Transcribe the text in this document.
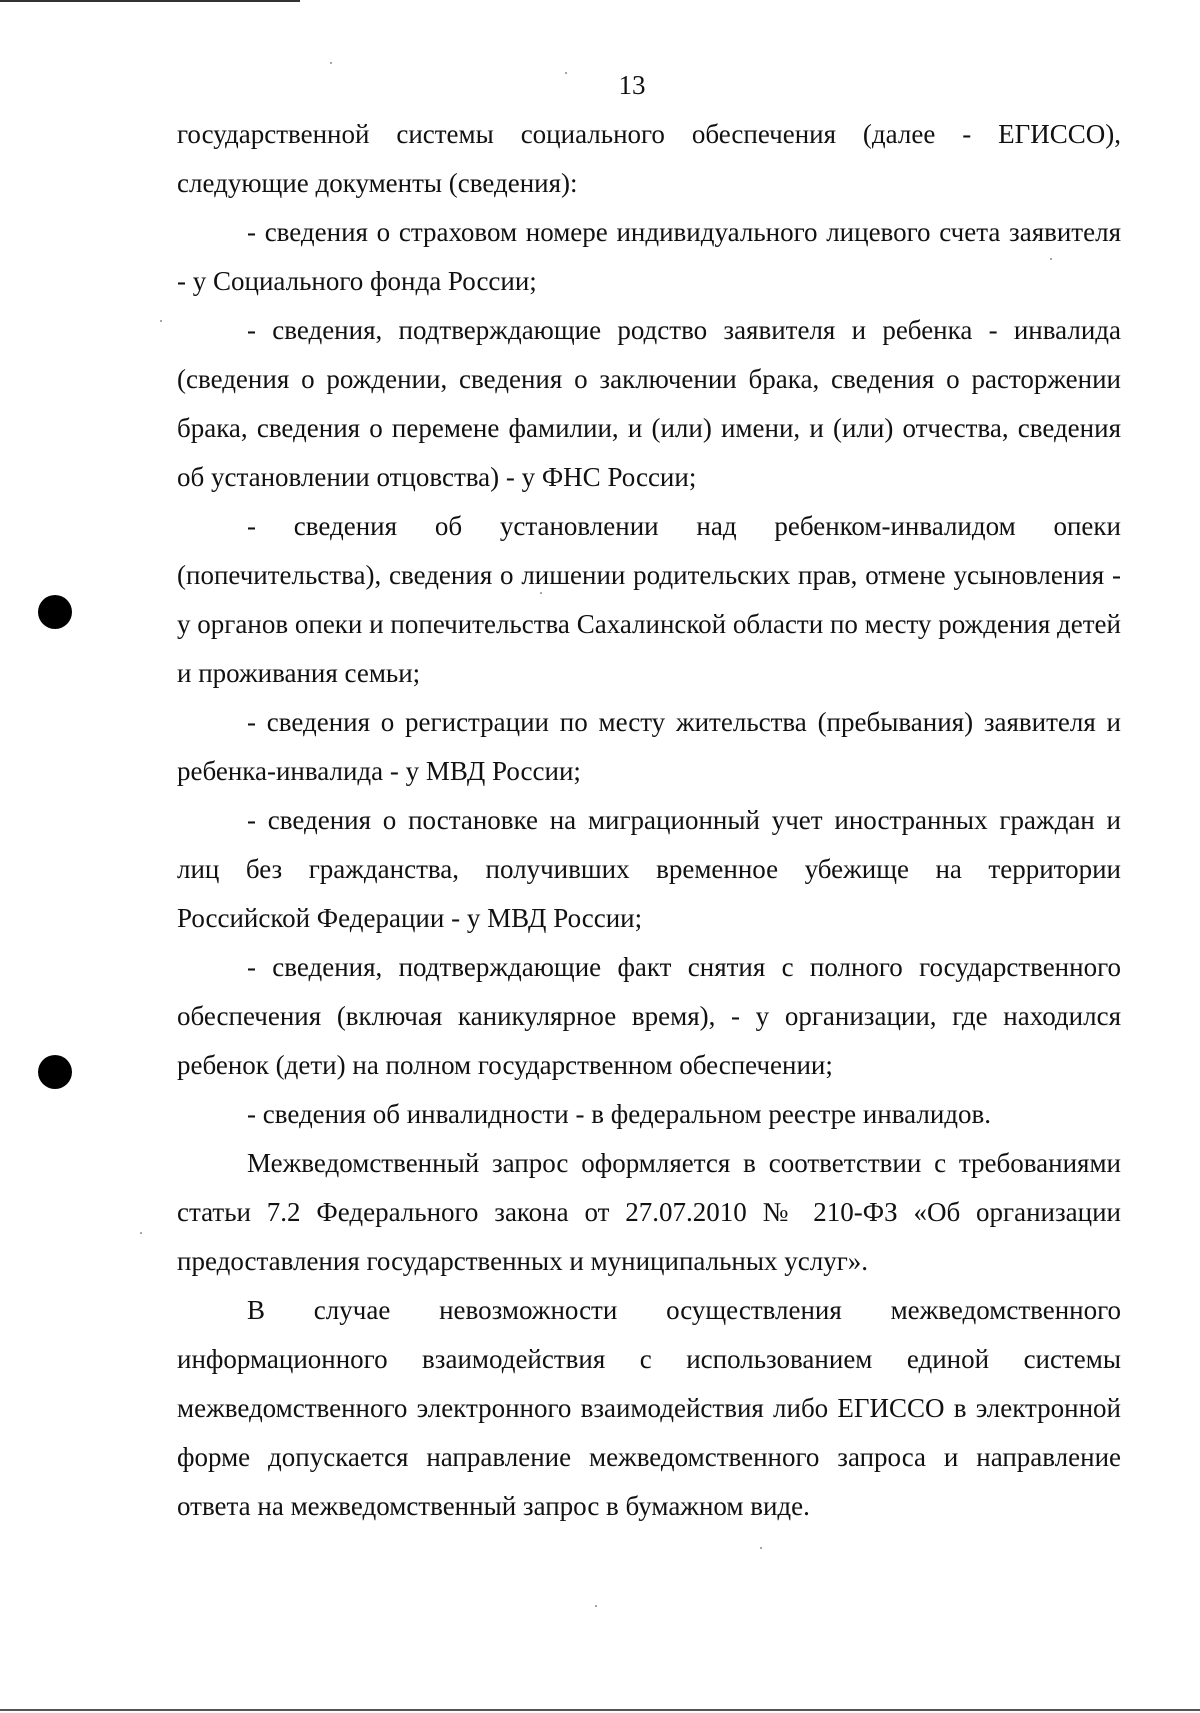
13

государственной системы социального обеспечения (далее - ЕГИССО), следующие документы (сведения):

- сведения о страховом номере индивидуального лицевого счета заявителя - у Социального фонда России;

- сведения, подтверждающие родство заявителя и ребенка - инвалида (сведения о рождении, сведения о заключении брака, сведения о расторжении брака, сведения о перемене фамилии, и (или) имени, и (или) отчества, сведения об установлении отцовства) - у ФНС России;

- сведения об установлении над ребенком-инвалидом опеки (попечительства), сведения о лишении родительских прав, отмене усыновления - у органов опеки и попечительства Сахалинской области по месту рождения детей и проживания семьи;

- сведения о регистрации по месту жительства (пребывания) заявителя и ребенка-инвалида - у МВД России;

- сведения о постановке на миграционный учет иностранных граждан и лиц без гражданства, получивших временное убежище на территории Российской Федерации - у МВД России;

- сведения, подтверждающие факт снятия с полного государственного обеспечения (включая каникулярное время), - у организации, где находился ребенок (дети) на полном государственном обеспечении;

- сведения об инвалидности - в федеральном реестре инвалидов.

Межведомственный запрос оформляется в соответствии с требованиями статьи 7.2 Федерального закона от 27.07.2010 № 210-ФЗ «Об организации предоставления государственных и муниципальных услуг».

В случае невозможности осуществления межведомственного информационного взаимодействия с использованием единой системы межведомственного электронного взаимодействия либо ЕГИССО в электронной форме допускается направление межведомственного запроса и направление ответа на межведомственный запрос в бумажном виде.
